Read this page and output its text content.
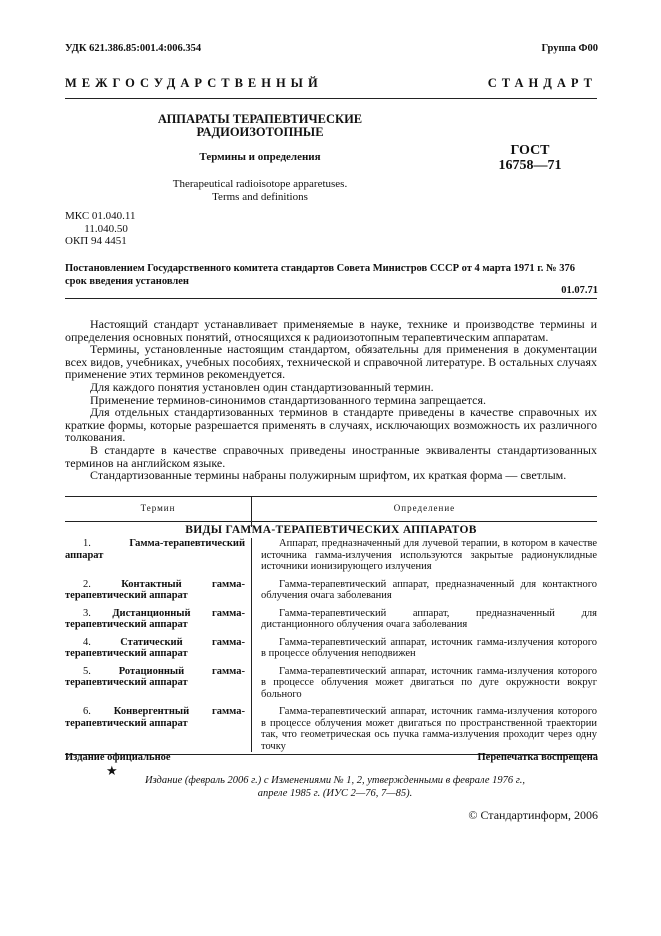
УДК 621.386.85:001.4:006.354	Группа Ф00
МЕЖГОСУДАРСТВЕННЫЙ СТАНДАРТ
АППАРАТЫ ТЕРАПЕВТИЧЕСКИЕ
РАДИОИЗОТОПНЫЕ
Термины и определения
Therapeutical radioisotope apparetuses.
Terms and definitions
ГОСТ
16758—71
МКС 01.040.11
11.040.50
ОКП 94 4451
Постановлением Государственного комитета стандартов Совета Министров СССР от 4 марта 1971 г. № 376 срок введения установлен
01.07.71

Настоящий стандарт устанавливает применяемые в науке, технике и производстве термины и определения основных понятий, относящихся к радиоизотопным терапевтическим аппаратам.

Термины, установленные настоящим стандартом, обязательны для применения в документации всех видов, учебниках, учебных пособиях, технической и справочной литературе. В остальных случаях применение этих терминов рекомендуется.

Для каждого понятия установлен один стандартизованный термин.

Применение терминов-синонимов стандартизованного термина запрещается.

Для отдельных стандартизованных терминов в стандарте приведены в качестве справочных их краткие формы, которые разрешается применять в случаях, исключающих возможность их различного толкования.

В стандарте в качестве справочных приведены иностранные эквиваленты стандартизованных терминов на английском языке.

Стандартизованные термины набраны полужирным шрифтом, их краткая форма — светлым.

Термин	Определение
ВИДЫ ГАММА-ТЕРАПЕВТИЧЕСКИХ АППАРАТОВ

1.	Гамма-терапевтический аппарат

Аппарат, предназначенный для лучевой терапии, в котором в качестве источника гамма-излучения используются закрытые радионуклидные источники ионизирующего излучения

2.	Контактный гамма-терапевтический аппарат

Гамма-терапевтический аппарат, предназначенный для контактного облучения очага заболевания

3. Дистанционный гамма-терапевтический аппарат

Гамма-терапевтический аппарат, предназначенный для дистанционного облучения очага заболевания

4.	Статический гамма-терапевтический аппарат

Гамма-терапевтический аппарат, источник гамма-излучения которого в процессе облучения неподвижен

5.	Ротационный гамма-терапевтический аппарат

Гамма-терапевтический аппарат, источник гамма-излучения которого в процессе облучения может двигаться по дуге окружности вокруг больного

6. Конвергентный гамма-терапевтический аппарат

Гамма-терапевтический аппарат, источник гамма-излучения которого в процессе облучения может двигаться по пространственной траектории так, что геометрическая ось пучка гамма-излучения проходит через одну точку

Издание официальное	Перепечатка воспрещена
★
Издание (февраль 2006 г.) с Изменениями № 1, 2, утвержденными в феврале 1976 г.,
апреле 1985 г. (ИУС 2—76, 7—85).
© Стандартинформ, 2006
